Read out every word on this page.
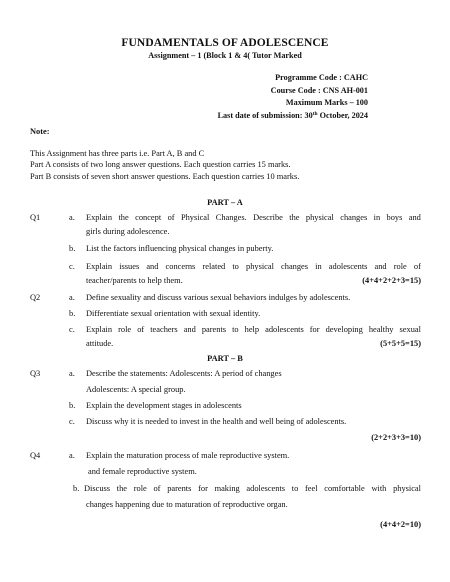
FUNDAMENTALS OF ADOLESCENCE
Assignment – 1 (Block 1 & 4( Tutor Marked
Programme Code : CAHC
Course Code : CNS AH-001
Maximum Marks – 100
Last date of submission: 30th October, 2024
Note:
This Assignment has three parts i.e. Part A, B and C
Part A consists of two long answer questions. Each question carries 15 marks.
Part B consists of seven short answer questions. Each question carries 10 marks.
PART – A
Q1	a. Explain the concept of Physical Changes. Describe the physical changes in boys and
girls during adolescence.
b. List the factors influencing physical changes in puberty.
c. Explain issues and concerns related to physical changes in adolescents and role of
teacher/parents to help them.	(4+4+2+2+3=15)
Q2	a. Define sexuality and discuss various sexual behaviors indulges by adolescents.
b. Differentiate sexual orientation with sexual identity.
c. Explain role of teachers and parents to help adolescents for developing healthy sexual
attitude.	(5+5+5=15)
PART – B
Q3	a. Describe the statements: Adolescents: A period of changes
Adolescents: A special group.
b. Explain the development stages in adolescents
c. Discuss why it is needed to invest in the health and well being of adolescents.
(2+2+3+3=10)
Q4	a. Explain the maturation process of male reproductive system.
and female reproductive system.
b. Discuss the role of parents for making adolescents to feel comfortable with physical
changes happening due to maturation of reproductive organ.
(4+4+2=10)
